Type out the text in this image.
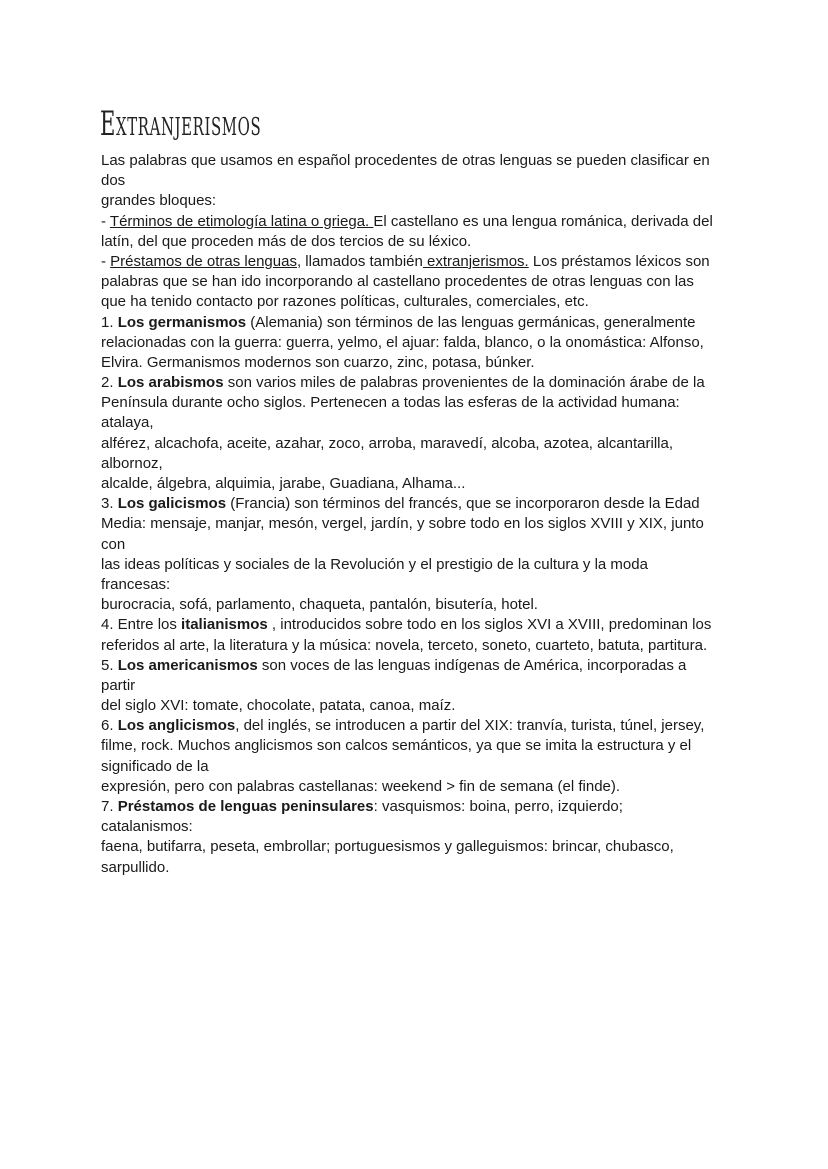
Extranjerismos
Las palabras que usamos en español procedentes de otras lenguas se pueden clasificar en
dos
grandes bloques:
- Términos de etimología latina o griega. El castellano es una lengua románica, derivada del
latín, del que proceden más de dos tercios de su léxico.
- Préstamos de otras lenguas, llamados también extranjerismos. Los préstamos léxicos son
palabras que se han ido incorporando al castellano procedentes de otras lenguas con las
que ha tenido contacto por razones políticas, culturales, comerciales, etc.
1. Los germanismos (Alemania) son términos de las lenguas germánicas, generalmente
relacionadas con la guerra: guerra, yelmo, el ajuar: falda, blanco, o la onomástica: Alfonso,
Elvira. Germanismos modernos son cuarzo, zinc, potasa, búnker.
2. Los arabismos son varios miles de palabras provenientes de la dominación árabe de la
Península durante ocho siglos. Pertenecen a todas las esferas de la actividad humana:
atalaya,
alférez, alcachofa, aceite, azahar, zoco, arroba, maravedí, alcoba, azotea, alcantarilla,
albornoz,
alcalde, álgebra, alquimia, jarabe, Guadiana, Alhama...
3. Los galicismos (Francia) son términos del francés, que se incorporaron desde la Edad
Media: mensaje, manjar, mesón, vergel, jardín, y sobre todo en los siglos XVIII y XIX, junto
con
las ideas políticas y sociales de la Revolución y el prestigio de la cultura y la moda
francesas:
burocracia, sofá, parlamento, chaqueta, pantalón, bisutería, hotel.
4. Entre los italianismos , introducidos sobre todo en los siglos XVI a XVIII, predominan los
referidos al arte, la literatura y la música: novela, terceto, soneto, cuarteto, batuta, partitura.
5. Los americanismos son voces de las lenguas indígenas de América, incorporadas a
partir
del siglo XVI: tomate, chocolate, patata, canoa, maíz.
6. Los anglicismos, del inglés, se introducen a partir del XIX: tranvía, turista, túnel, jersey,
filme, rock. Muchos anglicismos son calcos semánticos, ya que se imita la estructura y el
significado de la
expresión, pero con palabras castellanas: weekend > fin de semana (el finde).
7. Préstamos de lenguas peninsulares: vasquismos: boina, perro, izquierdo;
catalanismos:
faena, butifarra, peseta, embrollar; portuguesismos y galleguismos: brincar, chubasco,
sarpullido.
